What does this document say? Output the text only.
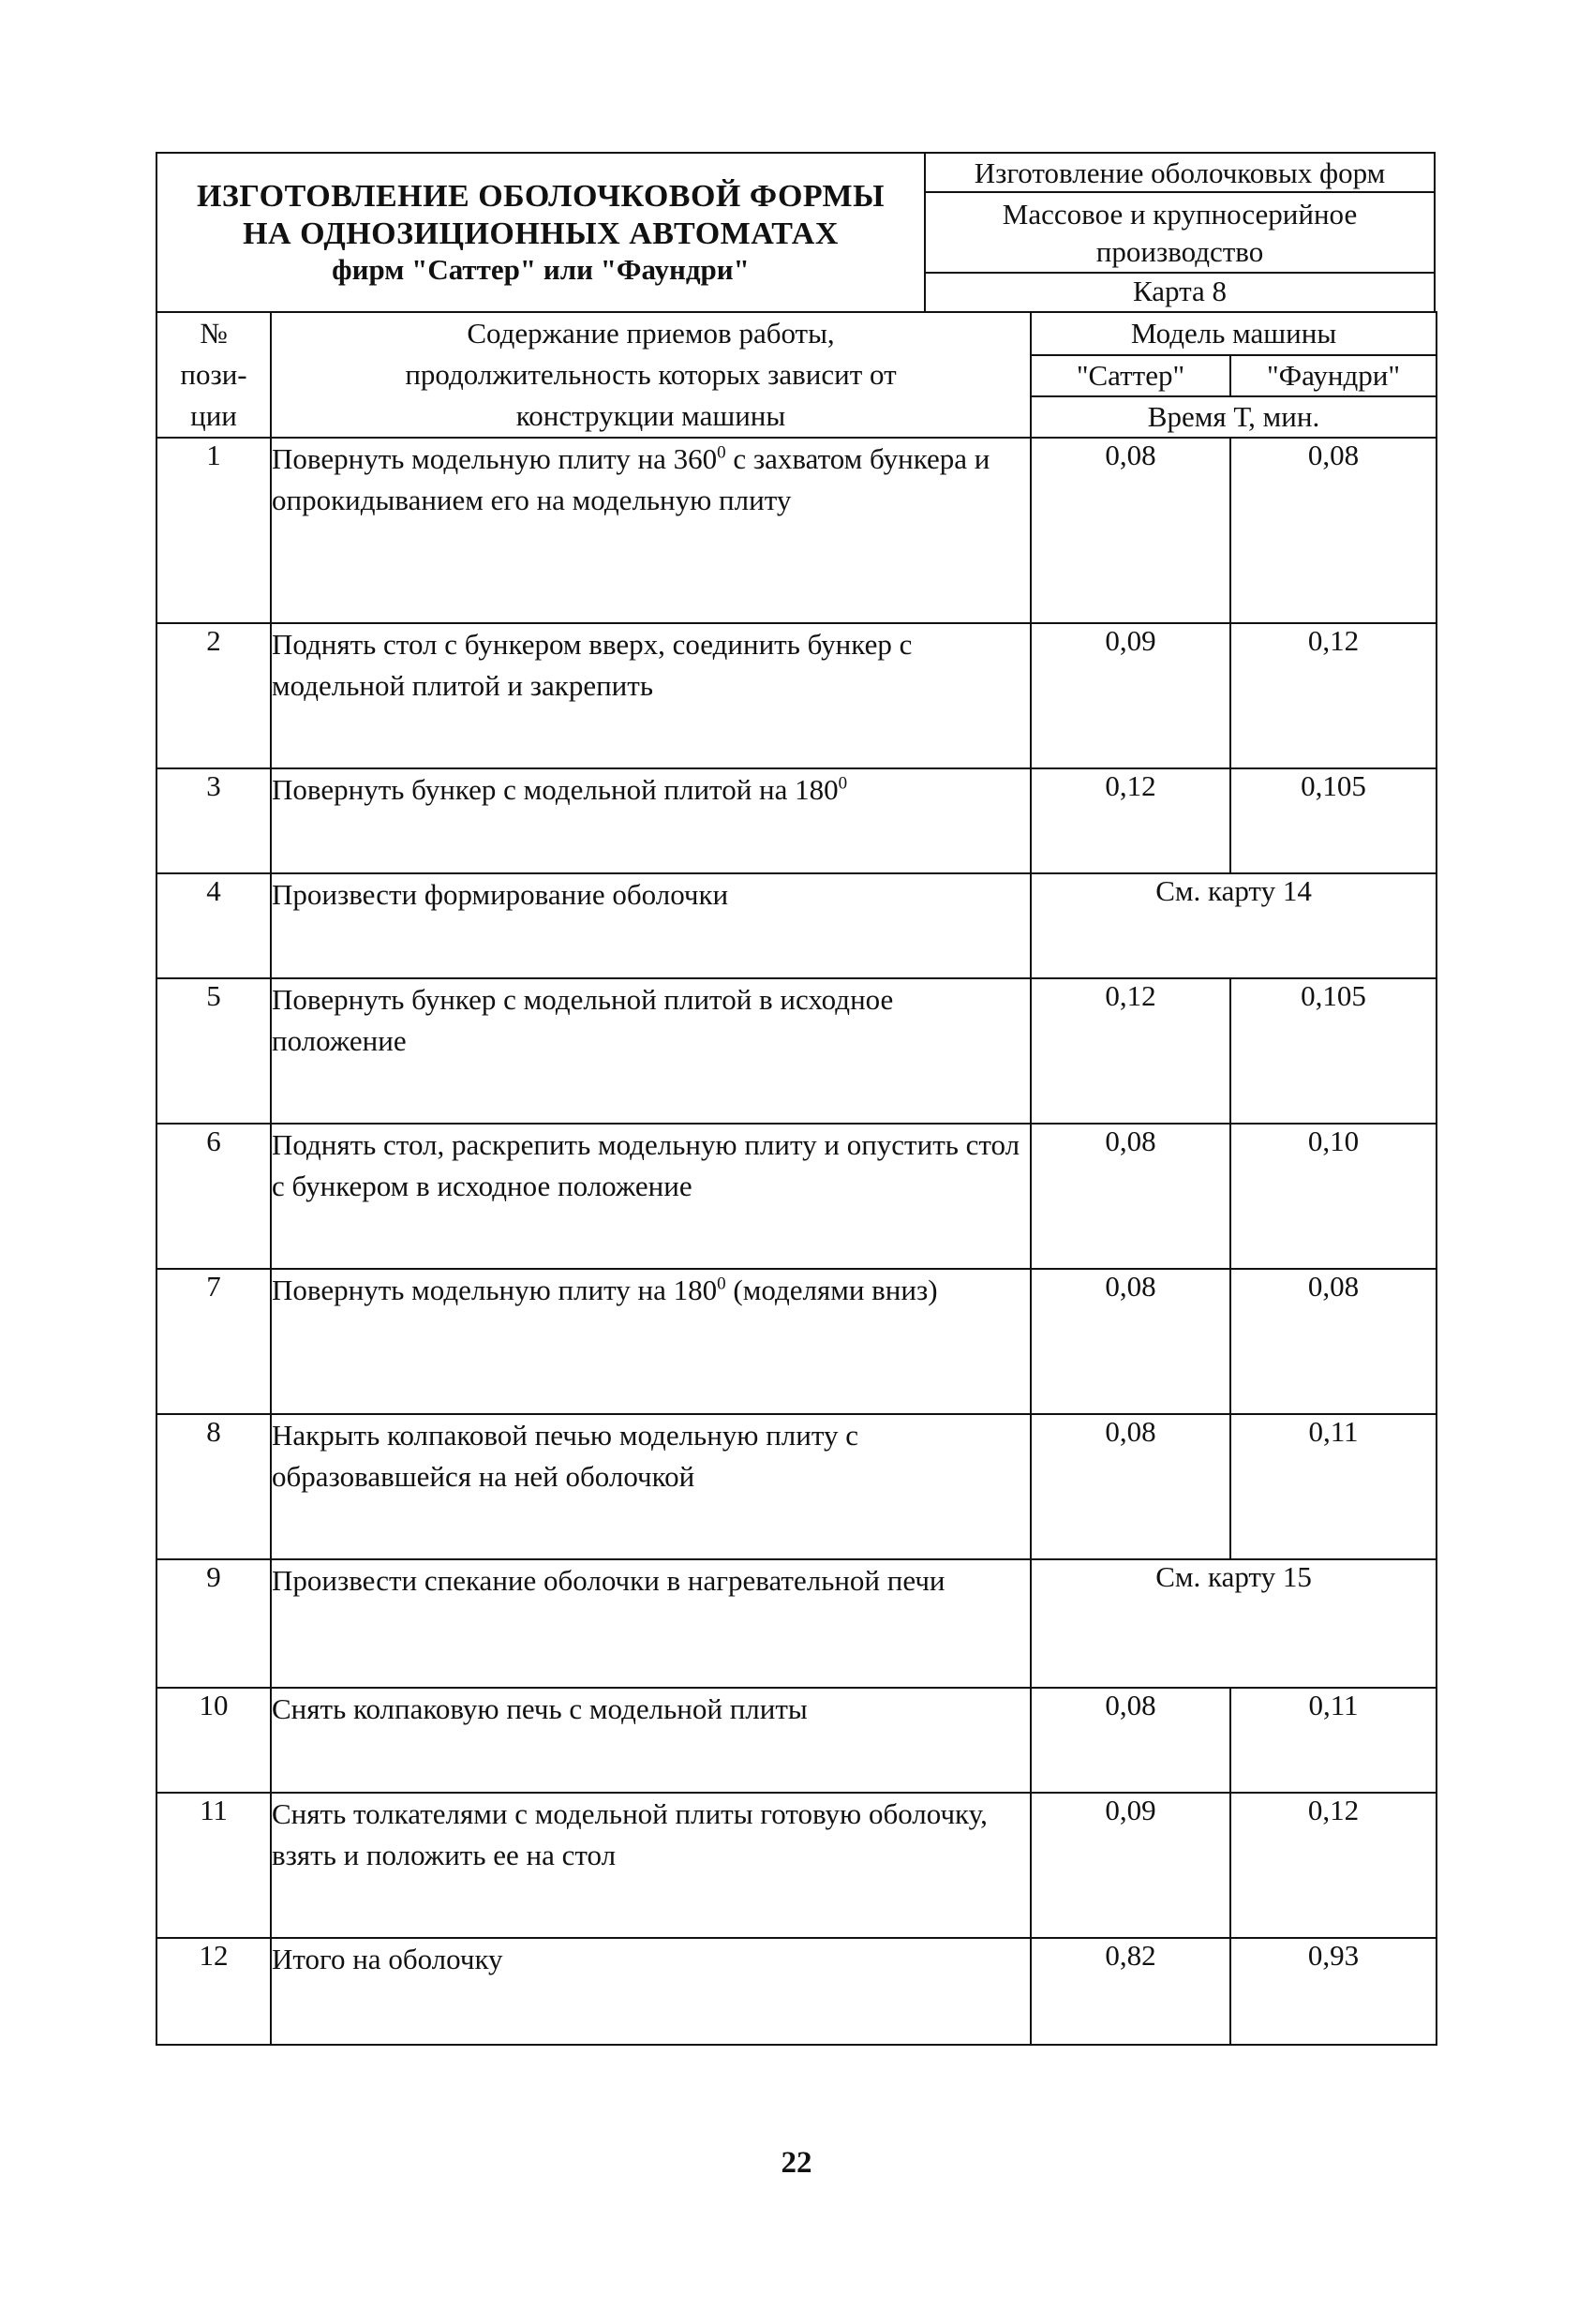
ИЗГОТОВЛЕНИЕ ОБОЛОЧКОВОЙ ФОРМЫ
НА ОДНОЗИЦИОННЫХ АВТОМАТАХ
фирм "Саттер" или "Фаундри"
Изготовление оболочковых форм
Массовое и крупносерийное производство
Карта 8
№ пози-ции	Содержание приемов работы, продолжительность которых зависит от конструкции машины	Модель машины	
		"Саттер"	"Фаундри"
		Время Т, мин.	
1	Повернуть модельную плиту на $360^0$ с захватом бункера и опрокидыванием его на модельную плиту	0,08	0,08
2	Поднять стол с бункером вверх, соединить бункер с модельной плитой и закрепить	0,09	0,12
3	Повернуть бункер с модельной плитой на $180^0$	0,12	0,105
4	Произвести формирование оболочки	См. карту 14	
5	Повернуть бункер с модельной плитой в исходное положение	0,12	0,105
6	Поднять стол, раскрепить модельную плиту и опустить стол с бункером в исходное положение	0,08	0,10
7	Повернуть модельную плиту на $180^0$ (моделями вниз)	0,08	0,08
8	Накрыть колпаковой печью модельную плиту с образовавшейся на ней оболочкой	0,08	0,11
9	Произвести спекание оболочки в нагревательной печи	См. карту 15	
10	Снять колпаковую печь с модельной плиты	0,08	0,11
11	Снять толкателями с модельной плиты готовую оболочку, взять и положить ее на стол	0,09	0,12
12	Итого на оболочку	0,82	0,93
22
